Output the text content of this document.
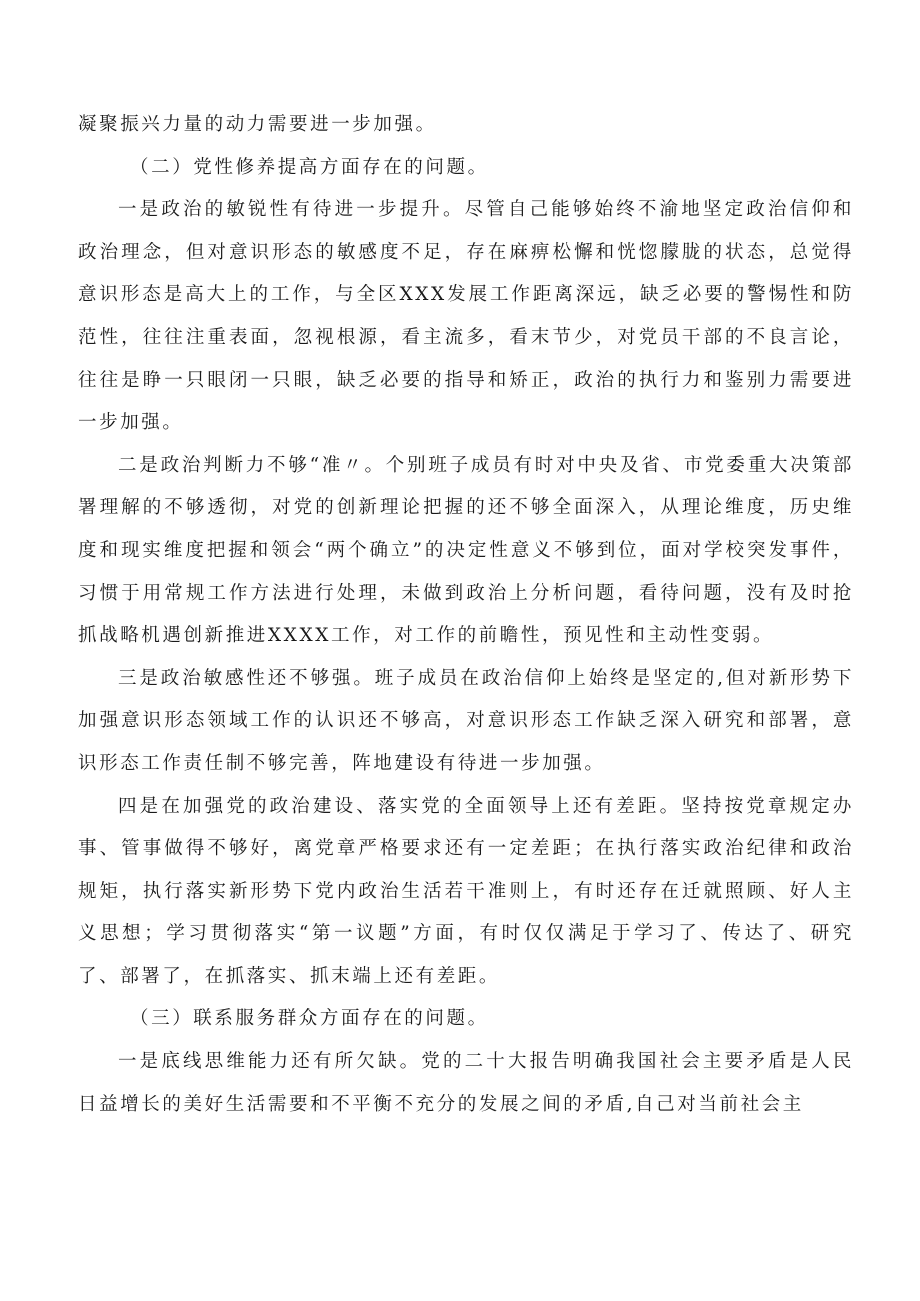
凝聚振兴力量的动力需要进一步加强。

（二）党性修养提高方面存在的问题。

一是政治的敏锐性有待进一步提升。尽管自己能够始终不渝地坚定政治信仰和政治理念，但对意识形态的敏感度不足，存在麻痹松懈和恍惚朦胧的状态，总觉得意识形态是高大上的工作，与全区XXX发展工作距离深远，缺乏必要的警惕性和防范性，往往注重表面，忽视根源，看主流多，看末节少，对党员干部的不良言论，往往是睁一只眼闭一只眼，缺乏必要的指导和矫正，政治的执行力和鉴别力需要进一步加强。

二是政治判断力不够“准〃。个别班子成员有时对中央及省、市党委重大决策部署理解的不够透彻，对党的创新理论把握的还不够全面深入，从理论维度，历史维度和现实维度把握和领会“两个确立”的决定性意义不够到位，面对学校突发事件，习惯于用常规工作方法进行处理，未做到政治上分析问题，看待问题，没有及时抢抓战略机遇创新推进XXXX工作，对工作的前瞻性，预见性和主动性变弱。

三是政治敏感性还不够强。班子成员在政治信仰上始终是坚定的,但对新形势下加强意识形态领域工作的认识还不够高，对意识形态工作缺乏深入研究和部署，意识形态工作责任制不够完善，阵地建设有待进一步加强。

四是在加强党的政治建设、落实党的全面领导上还有差距。坚持按党章规定办事、管事做得不够好，离党章严格要求还有一定差距；在执行落实政治纪律和政治规矩，执行落实新形势下党内政治生活若干准则上，有时还存在迁就照顾、好人主义思想；学习贯彻落实“第一议题”方面，有时仅仅满足于学习了、传达了、研究了、部署了，在抓落实、抓末端上还有差距。

（三）联系服务群众方面存在的问题。

一是底线思维能力还有所欠缺。党的二十大报告明确我国社会主要矛盾是人民日益增长的美好生活需要和不平衡不充分的发展之间的矛盾,自己对当前社会主
